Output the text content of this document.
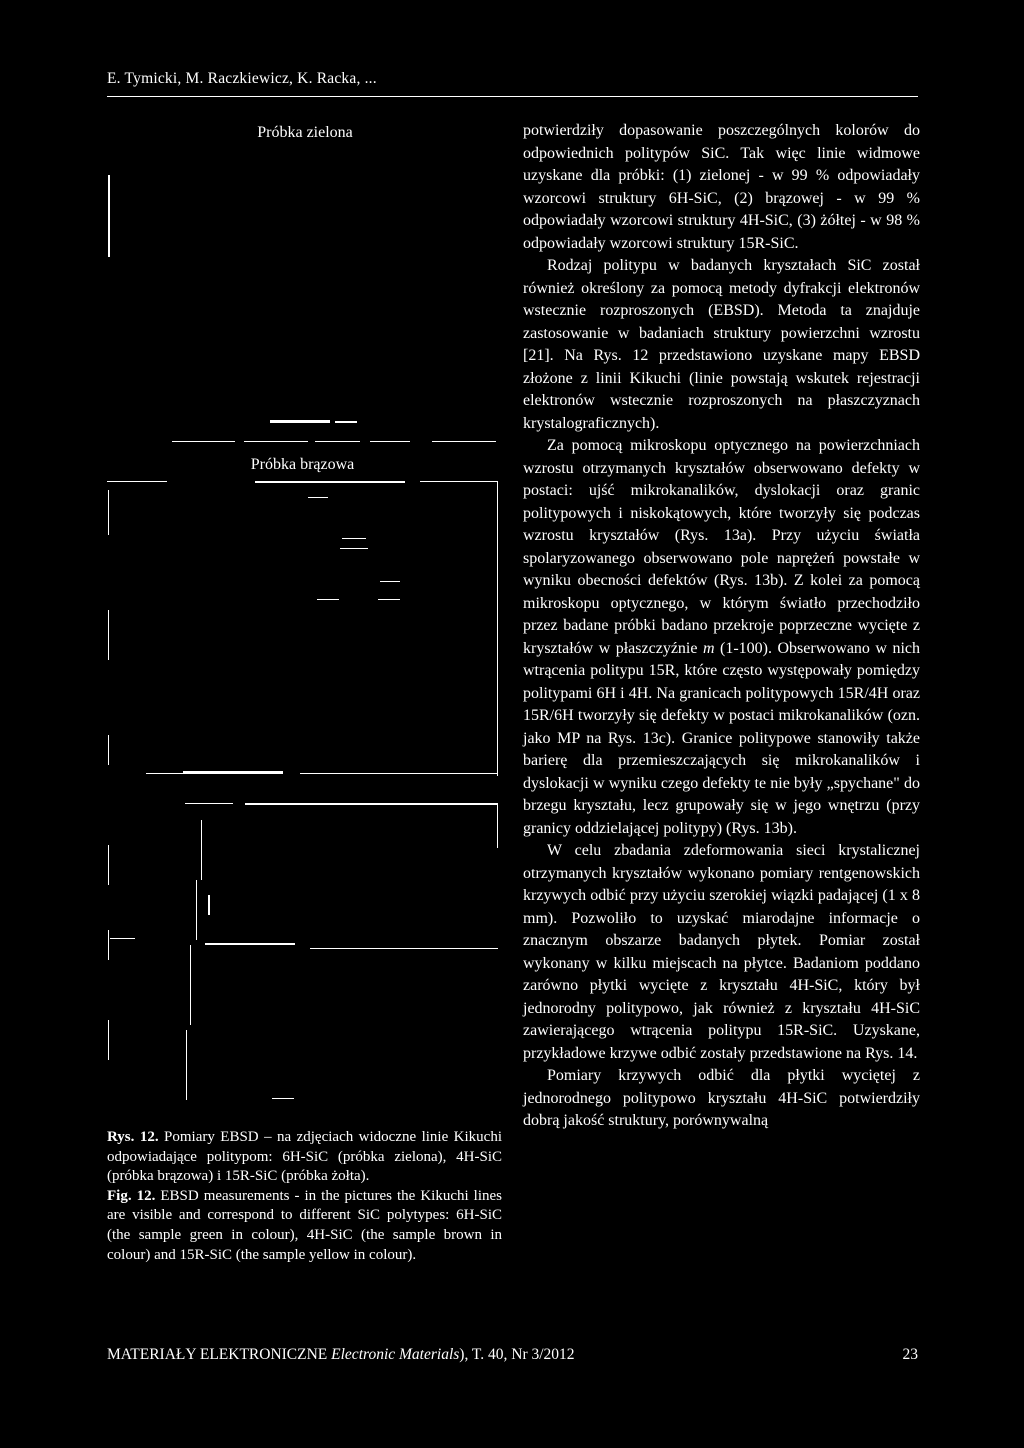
E. Tymicki, M. Raczkiewicz, K. Racka, ...
Próbka zielona
Próbka brązowa
Rys. 12. Pomiary EBSD – na zdjęciach widoczne linie Kikuchi odpowiadające politypom: 6H-SiC (próbka zielona), 4H-SiC (próbka brązowa) i 15R-SiC (próbka żołta).
Fig. 12. EBSD measurements - in the pictures the Kikuchi lines are visible and correspond to different SiC polytypes: 6H-SiC (the sample green in colour), 4H-SiC (the sample brown in colour) and 15R-SiC (the sample yellow in colour).

potwierdziły dopasowanie poszczególnych kolorów do odpowiednich politypów SiC. Tak więc linie widmowe uzyskane dla próbki: (1) zielonej - w 99 % odpowiadały wzorcowi struktury 6H-SiC, (2) brązowej - w 99 % odpowiadały wzorcowi struktury 4H-SiC, (3) żółtej - w 98 % odpowiadały wzorcowi struktury 15R-SiC.

Rodzaj politypu w badanych kryształach SiC został również określony za pomocą metody dyfrakcji elektronów wstecznie rozproszonych (EBSD). Metoda ta znajduje zastosowanie w badaniach struktury powierzchni wzrostu [21]. Na Rys. 12 przedstawiono uzyskane mapy EBSD złożone z linii Kikuchi (linie powstają wskutek rejestracji elektronów wstecznie rozproszonych na płaszczyznach krystalograficznych).

Za pomocą mikroskopu optycznego na powierzchniach wzrostu otrzymanych kryształów obserwowano defekty w postaci: ujść mikrokanalików, dyslokacji oraz granic politypowych i niskokątowych, które tworzyły się podczas wzrostu kryształów (Rys. 13a). Przy użyciu światła spolaryzowanego obserwowano pole naprężeń powstałe w wyniku obecności defektów (Rys. 13b). Z kolei za pomocą mikroskopu optycznego, w którym światło przechodziło przez badane próbki badano przekroje poprzeczne wycięte z kryształów w płaszczyźnie m (1-100). Obserwowano w nich wtrącenia politypu 15R, które często występowały pomiędzy politypami 6H i 4H. Na granicach politypowych 15R/4H oraz 15R/6H tworzyły się defekty w postaci mikrokanalików (ozn. jako MP na Rys. 13c). Granice politypowe stanowiły także barierę dla przemieszczających się mikrokanalików i dyslokacji w wyniku czego defekty te nie były „spychane" do brzegu kryształu, lecz grupowały się w jego wnętrzu (przy granicy oddzielającej politypy) (Rys. 13b).

W celu zbadania zdeformowania sieci krystalicznej otrzymanych kryształów wykonano pomiary rentgenowskich krzywych odbić przy użyciu szerokiej wiązki padającej (1 x 8 mm). Pozwoliło to uzyskać miarodajne informacje o znacznym obszarze badanych płytek. Pomiar został wykonany w kilku miejscach na płytce. Badaniom poddano zarówno płytki wycięte z kryształu 4H-SiC, który był jednorodny politypowo, jak również z kryształu 4H-SiC zawierającego wtrącenia politypu 15R-SiC. Uzyskane, przykładowe krzywe odbić zostały przedstawione na Rys. 14.

Pomiary krzywych odbić dla płytki wyciętej z jednorodnego politypowo kryształu 4H-SiC potwierdziły dobrą jakość struktury, porównywalną

MATERIAŁY ELEKTRONICZNE Electronic Materials), T. 40, Nr 3/2012	23
